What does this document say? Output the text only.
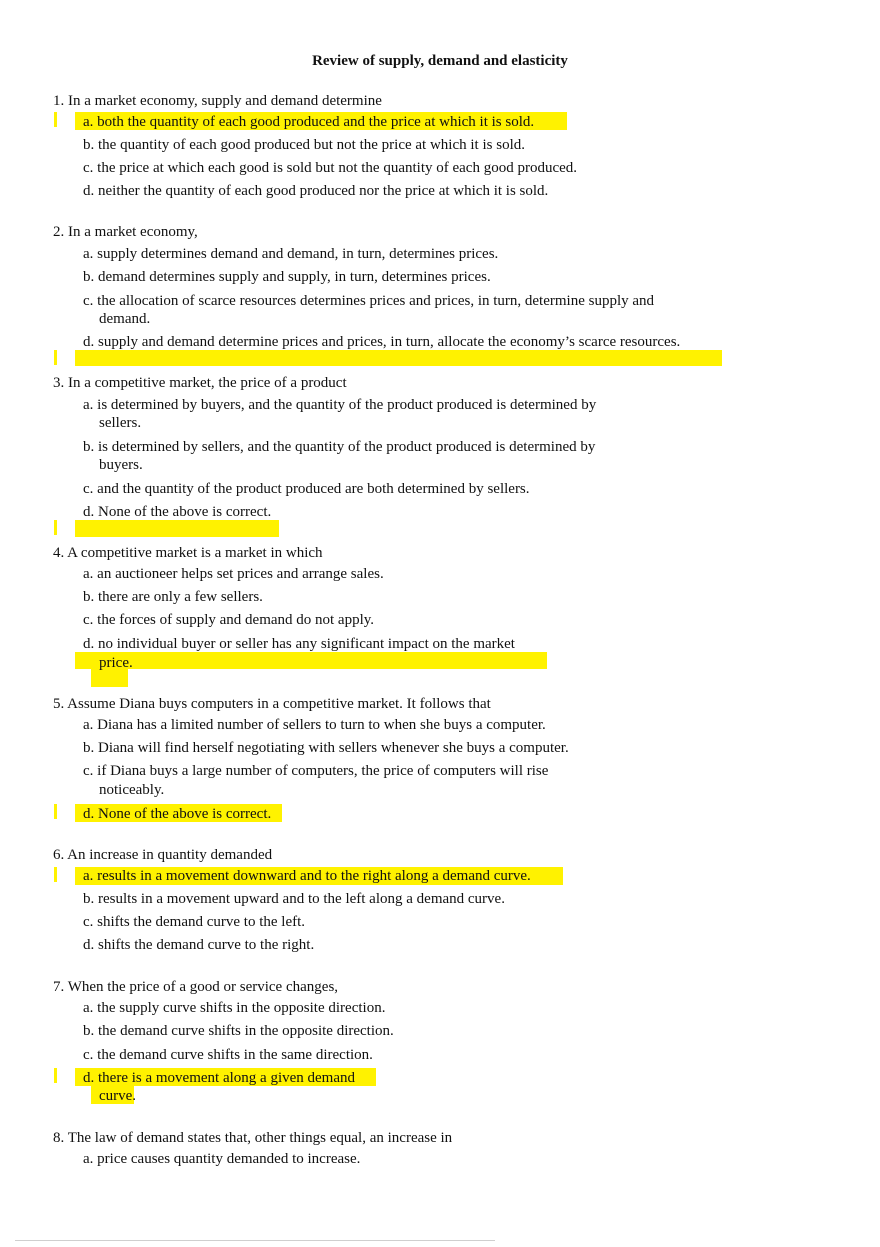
Review of supply, demand and elasticity
1. In a market economy, supply and demand determine
a. both the quantity of each good produced and the price at which it is sold.
b. the quantity of each good produced but not the price at which it is sold.
c. the price at which each good is sold but not the quantity of each good produced.
d. neither the quantity of each good produced nor the price at which it is sold.
2. In a market economy,
a. supply determines demand and demand, in turn, determines prices.
b. demand determines supply and supply, in turn, determines prices.
c. the allocation of scarce resources determines prices and prices, in turn, determine supply and
demand.
d. supply and demand determine prices and prices, in turn, allocate the economy’s scarce resources.
3. In a competitive market, the price of a product
a. is determined by buyers, and the quantity of the product produced is determined by
sellers.
b. is determined by sellers, and the quantity of the product produced is determined by
buyers.
c. and the quantity of the product produced are both determined by sellers.
d. None of the above is correct.
4. A competitive market is a market in which
a. an auctioneer helps set prices and arrange sales.
b. there are only a few sellers.
c. the forces of supply and demand do not apply.
d. no individual buyer or seller has any significant impact on the market
price.
5. Assume Diana buys computers in a competitive market. It follows that
a. Diana has a limited number of sellers to turn to when she buys a computer.
b. Diana will find herself negotiating with sellers whenever she buys a computer.
c. if Diana buys a large number of computers, the price of computers will rise
noticeably.
d. None of the above is correct.
6. An increase in quantity demanded
a. results in a movement downward and to the right along a demand curve.
b. results in a movement upward and to the left along a demand curve.
c. shifts the demand curve to the left.
d. shifts the demand curve to the right.
7. When the price of a good or service changes,
a. the supply curve shifts in the opposite direction.
b. the demand curve shifts in the opposite direction.
c. the demand curve shifts in the same direction.
d. there is a movement along a given demand
curve.
8. The law of demand states that, other things equal, an increase in
a. price causes quantity demanded to increase.
